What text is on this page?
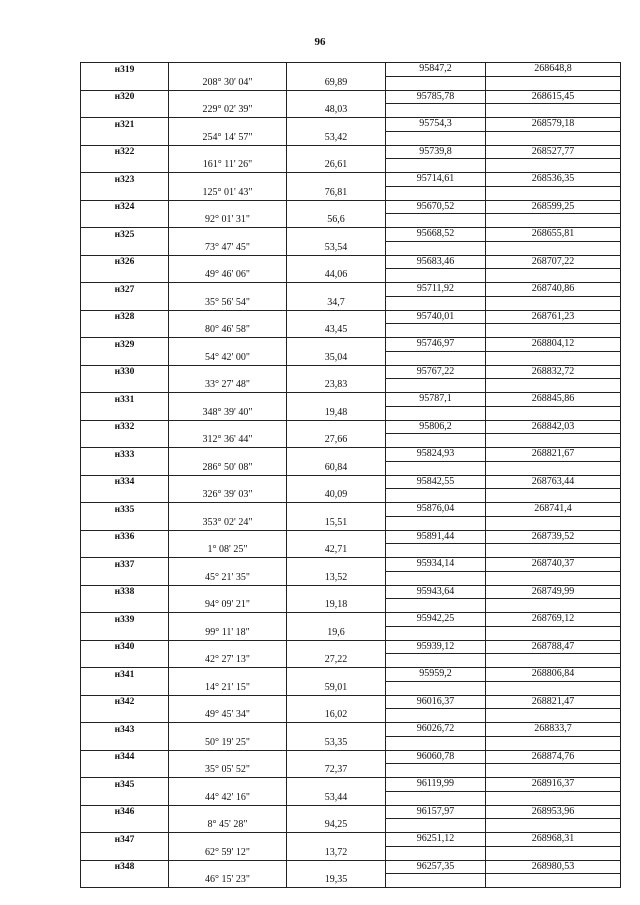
96
н319			95847,2	268648,8
	208° 30' 04"	69,89		
н320			95785,78	268615,45
	229° 02' 39"	48,03		
н321			95754,3	268579,18
	254° 14' 57"	53,42		
н322			95739,8	268527,77
	161° 11' 26"	26,61		
н323			95714,61	268536,35
	125° 01' 43"	76,81		
н324			95670,52	268599,25
	92° 01' 31"	56,6		
н325			95668,52	268655,81
	73° 47' 45"	53,54		
н326			95683,46	268707,22
	49° 46' 06"	44,06		
н327			95711,92	268740,86
	35° 56' 54"	34,7		
н328			95740,01	268761,23
	80° 46' 58"	43,45		
н329			95746,97	268804,12
	54° 42' 00"	35,04		
н330			95767,22	268832,72
	33° 27' 48"	23,83		
н331			95787,1	268845,86
	348° 39' 40"	19,48		
н332			95806,2	268842,03
	312° 36' 44"	27,66		
н333			95824,93	268821,67
	286° 50' 08"	60,84		
н334			95842,55	268763,44
	326° 39' 03"	40,09		
н335			95876,04	268741,4
	353° 02' 24"	15,51		
н336			95891,44	268739,52
	1° 08' 25"	42,71		
н337			95934,14	268740,37
	45° 21' 35"	13,52		
н338			95943,64	268749,99
	94° 09' 21"	19,18		
н339			95942,25	268769,12
	99° 11' 18"	19,6		
н340			95939,12	268788,47
	42° 27' 13"	27,22		
н341			95959,2	268806,84
	14° 21' 15"	59,01		
н342			96016,37	268821,47
	49° 45' 34"	16,02		
н343			96026,72	268833,7
	50° 19' 25"	53,35		
н344			96060,78	268874,76
	35° 05' 52"	72,37		
н345			96119,99	268916,37
	44° 42' 16"	53,44		
н346			96157,97	268953,96
	8° 45' 28"	94,25		
н347			96251,12	268968,31
	62° 59' 12"	13,72		
н348			96257,35	268980,53
	46° 15' 23"	19,35		
